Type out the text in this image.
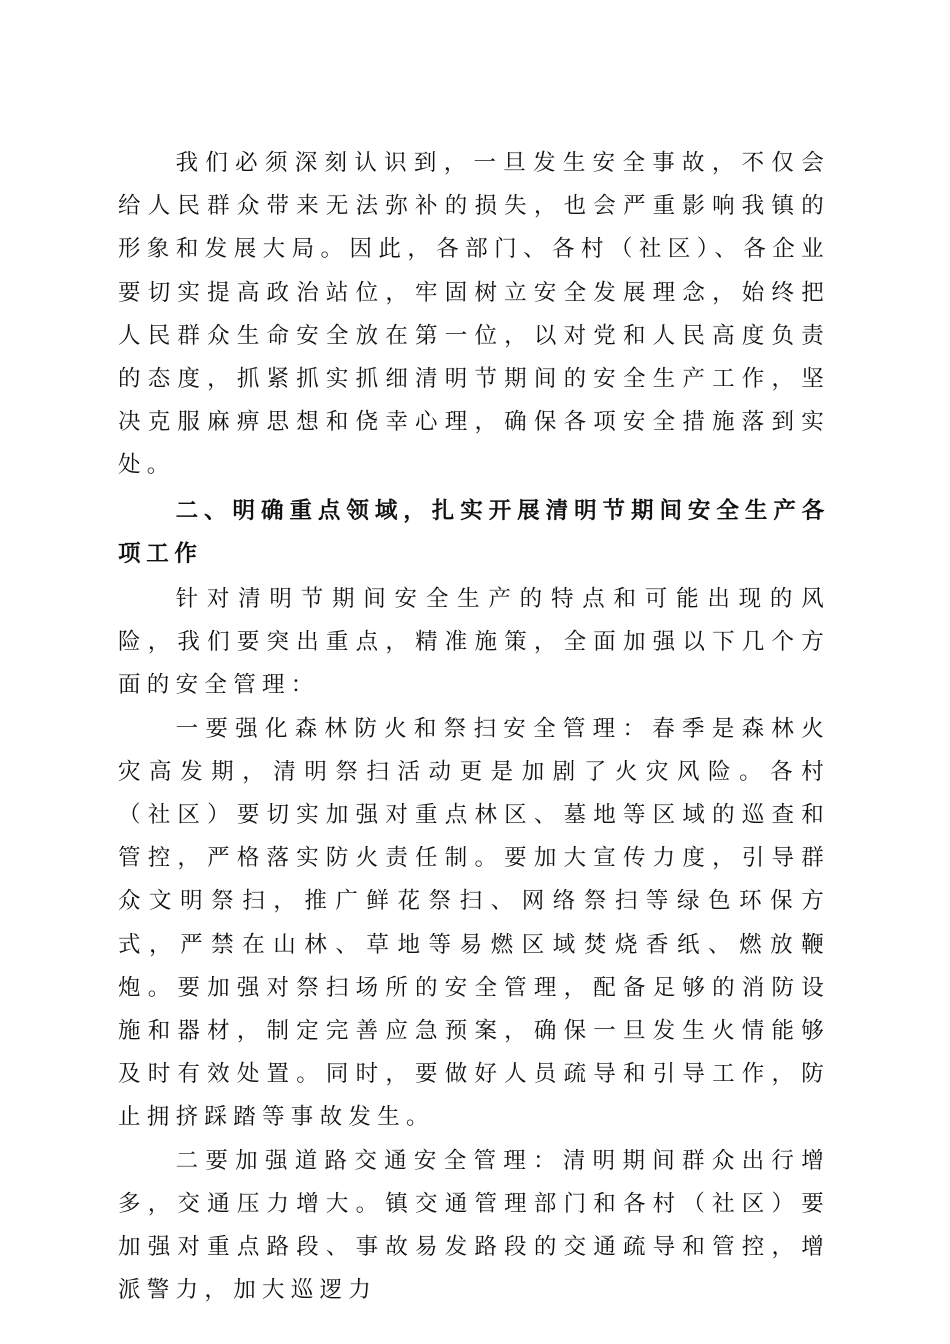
我们必须深刻认识到，一旦发生安全事故，不仅会给人民群众带来无法弥补的损失，也会严重影响我镇的形象和发展大局。因此，各部门、各村（社区）、各企业要切实提高政治站位，牢固树立安全发展理念，始终把人民群众生命安全放在第一位，以对党和人民高度负责的态度，抓紧抓实抓细清明节期间的安全生产工作，坚决克服麻痹思想和侥幸心理，确保各项安全措施落到实处。

二、明确重点领域，扎实开展清明节期间安全生产各项工作

针对清明节期间安全生产的特点和可能出现的风险，我们要突出重点，精准施策，全面加强以下几个方面的安全管理：

一要强化森林防火和祭扫安全管理：春季是森林火灾高发期，清明祭扫活动更是加剧了火灾风险。各村（社区）要切实加强对重点林区、墓地等区域的巡查和管控，严格落实防火责任制。要加大宣传力度，引导群众文明祭扫，推广鲜花祭扫、网络祭扫等绿色环保方式，严禁在山林、草地等易燃区域焚烧香纸、燃放鞭炮。要加强对祭扫场所的安全管理，配备足够的消防设施和器材，制定完善应急预案，确保一旦发生火情能够及时有效处置。同时，要做好人员疏导和引导工作，防止拥挤踩踏等事故发生。

二要加强道路交通安全管理：清明期间群众出行增多，交通压力增大。镇交通管理部门和各村（社区）要加强对重点路段、事故易发路段的交通疏导和管控，增派警力，加大巡逻力
